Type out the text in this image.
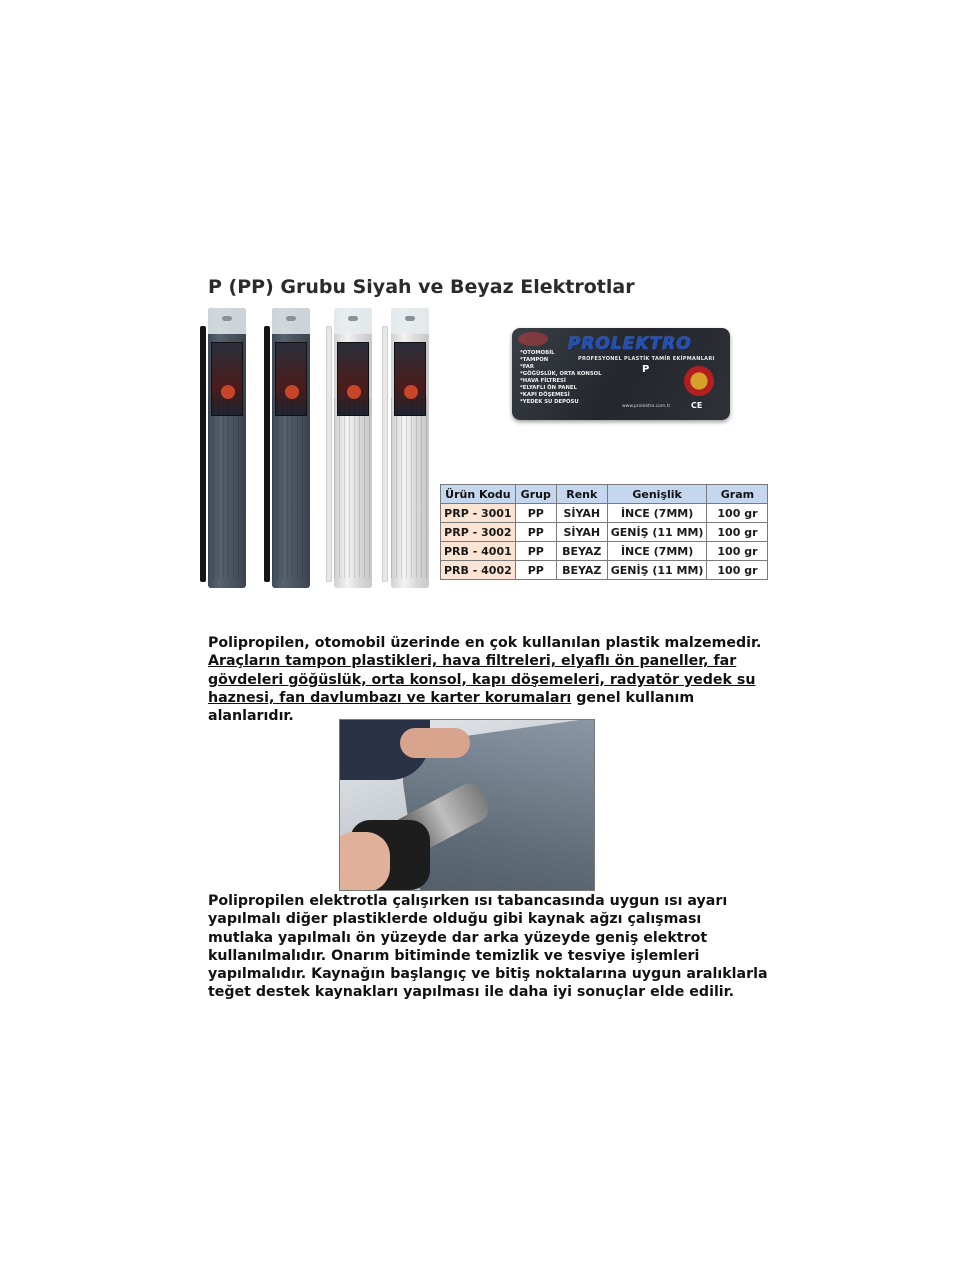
P (PP) Grubu Siyah ve Beyaz Elektrotlar
PROLEKTRO
PROFESYONEL PLASTİK TAMİR EKİPMANLARI
*OTOMOBİL
*TAMPON
*FAR
*GÖĞÜSLÜK, ORTA KONSOL
*HAVA FİLTRESİ
*ELYAFLI ÖN PANEL
*KAPI DÖŞEMESİ
*YEDEK SU DEPOSU
P
www.prolektro.com.tr	CE
Ürün Kodu	Grup	Renk	Genişlik	Gram
PRP - 3001	PP	SİYAH	İNCE (7MM)	100 gr
PRP - 3002	PP	SİYAH	GENİŞ (11 MM)	100 gr
PRB - 4001	PP	BEYAZ	İNCE (7MM)	100 gr
PRB - 4002	PP	BEYAZ	GENİŞ (11 MM)	100 gr

Polipropilen, otomobil üzerinde en çok kullanılan plastik malzemedir.
Araçların tampon plastikleri, hava filtreleri, elyaflı ön paneller, far gövdeleri göğüslük, orta konsol, kapı döşemeleri, radyatör yedek su haznesi, fan davlumbazı ve karter korumaları genel kullanım alanlarıdır.

Polipropilen elektrotla çalışırken ısı tabancasında uygun ısı ayarı yapılmalı diğer plastiklerde olduğu gibi kaynak ağzı çalışması mutlaka yapılmalı ön yüzeyde dar arka yüzeyde geniş elektrot kullanılmalıdır. Onarım bitiminde temizlik ve tesviye işlemleri yapılmalıdır. Kaynağın başlangıç ve bitiş noktalarına uygun aralıklarla teğet destek kaynakları yapılması ile daha iyi sonuçlar elde edilir.
